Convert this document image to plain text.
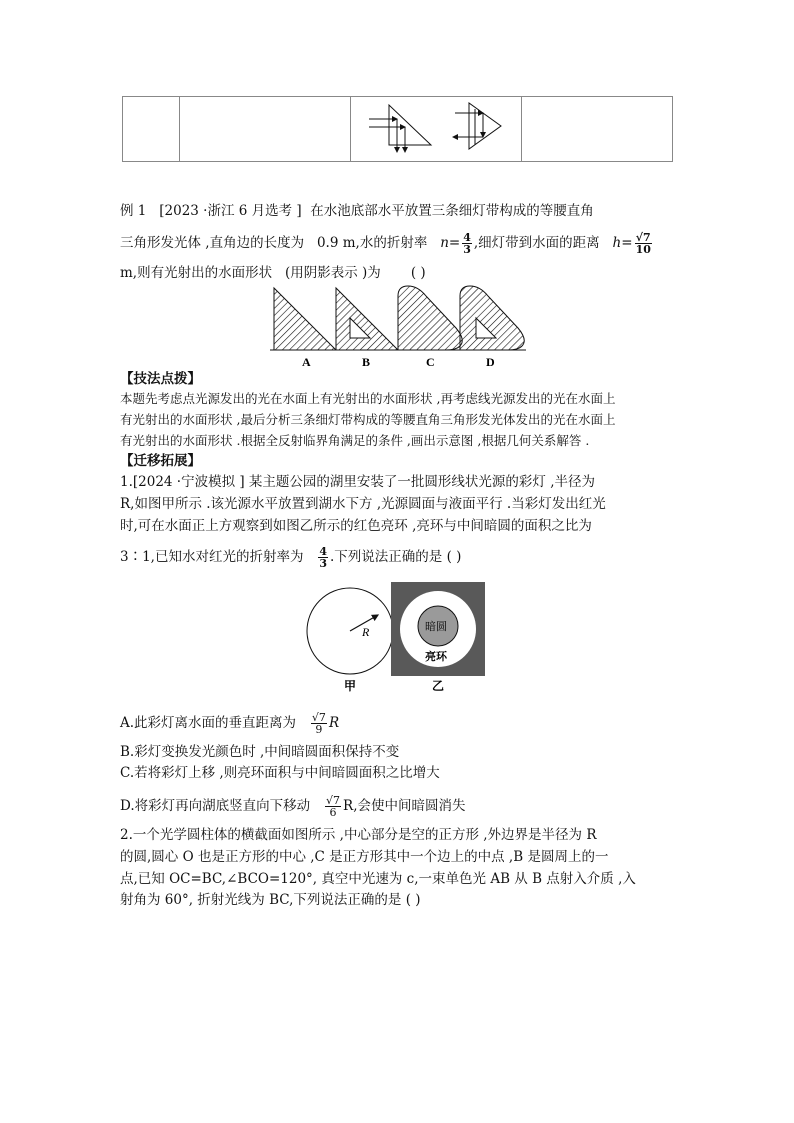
例 1 [2023 ·浙江 6 月选考 ] 在水池底部水平放置三条细灯带构成的等腰直角
三角形发光体 ,直角边的长度为 0.9 m,水的折射率 $n= \frac{4}{3}$ ,细灯带到水面的距离 $h= \frac{√7}{10}$
m,则有光射出的水面形状 (用阴影表示 )为 ( )
A	B	C	D
【技法点拨】
本题先考虑点光源发出的光在水面上有光射出的水面形状 ,再考虑线光源发出的光在水面上
有光射出的水面形状 ,最后分析三条细灯带构成的等腰直角三角形发光体发出的光在水面上
有光射出的水面形状 .根据全反射临界角满足的条件 ,画出示意图 ,根据几何关系解答 .
【迁移拓展】
1.[2024 ·宁波模拟 ] 某主题公园的湖里安装了一批圆形线状光源的彩灯 ,半径为
R,如图甲所示 .该光源水平放置到湖水下方 ,光源圆面与液面平行 .当彩灯发出红光
时,可在水面正上方观察到如图乙所示的红色亮环 ,亮环与中间暗圆的面积之比为
3∶1,已知水对红光的折射率为 $\frac{4}{3}$ .下列说法正确的是 ( )
R
甲
暗圆
亮环
乙
A.此彩灯离水面的垂直距离为 $\frac{√7}{9}$ R
B.彩灯变换发光颜色时 ,中间暗圆面积保持不变
C.若将彩灯上移 ,则亮环面积与中间暗圆面积之比增大
D.将彩灯再向湖底竖直向下移动 $\frac{√7}{6} R$,会使中间暗圆消失
2.一个光学圆柱体的横截面如图所示 ,中心部分是空的正方形 ,外边界是半径为 R
的圆,圆心 O 也是正方形的中心 ,C 是正方形其中一个边上的中点 ,B 是圆周上的一
点,已知 OC=BC,∠BCO=120°, 真空中光速为 c,一束单色光 AB 从 B 点射入介质 ,入
射角为 60°, 折射光线为 BC,下列说法正确的是 ( )
